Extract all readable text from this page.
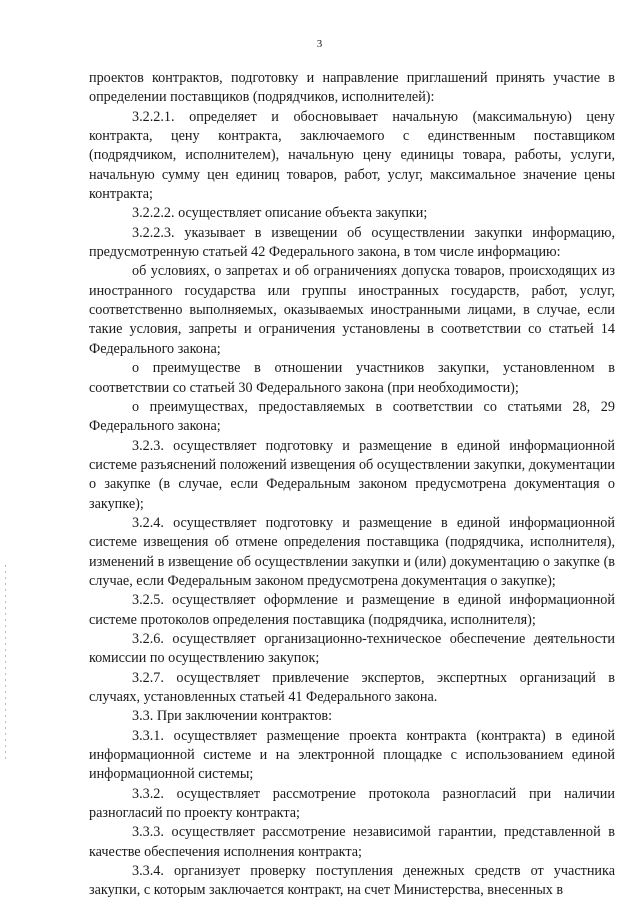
3

проектов контрактов, подготовку и направление приглашений принять участие в определении поставщиков (подрядчиков, исполнителей):

3.2.2.1. определяет и обосновывает начальную (максимальную) цену контракта, цену контракта, заключаемого с единственным поставщиком (подрядчиком, исполнителем), начальную цену единицы товара, работы, услуги, начальную сумму цен единиц товаров, работ, услуг, максимальное значение цены контракта;

3.2.2.2. осуществляет описание объекта закупки;

3.2.2.3. указывает в извещении об осуществлении закупки информацию, предусмотренную статьей 42 Федерального закона, в том числе информацию:

об условиях, о запретах и об ограничениях допуска товаров, происходящих из иностранного государства или группы иностранных государств, работ, услуг, соответственно выполняемых, оказываемых иностранными лицами, в случае, если такие условия, запреты и ограничения установлены в соответствии со статьей 14 Федерального закона;

о преимуществе в отношении участников закупки, установленном в соответствии со статьей 30 Федерального закона (при необходимости);

о преимуществах, предоставляемых в соответствии со статьями 28, 29 Федерального закона;

3.2.3. осуществляет подготовку и размещение в единой информационной системе разъяснений положений извещения об осуществлении закупки, документации о закупке (в случае, если Федеральным законом предусмотрена документация о закупке);

3.2.4. осуществляет подготовку и размещение в единой информационной системе извещения об отмене определения поставщика (подрядчика, исполнителя), изменений в извещение об осуществлении закупки и (или) документацию о закупке (в случае, если Федеральным законом предусмотрена документация о закупке);

3.2.5. осуществляет оформление и размещение в единой информационной системе протоколов определения поставщика (подрядчика, исполнителя);

3.2.6. осуществляет организационно-техническое обеспечение деятельности комиссии по осуществлению закупок;

3.2.7. осуществляет привлечение экспертов, экспертных организаций в случаях, установленных статьей 41 Федерального закона.

3.3. При заключении контрактов:

3.3.1. осуществляет размещение проекта контракта (контракта) в единой информационной системе и на электронной площадке с использованием единой информационной системы;

3.3.2. осуществляет рассмотрение протокола разногласий при наличии разногласий по проекту контракта;

3.3.3. осуществляет рассмотрение независимой гарантии, представленной в качестве обеспечения исполнения контракта;

3.3.4. организует проверку поступления денежных средств от участника закупки, с которым заключается контракт, на счет Министерства, внесенных в
